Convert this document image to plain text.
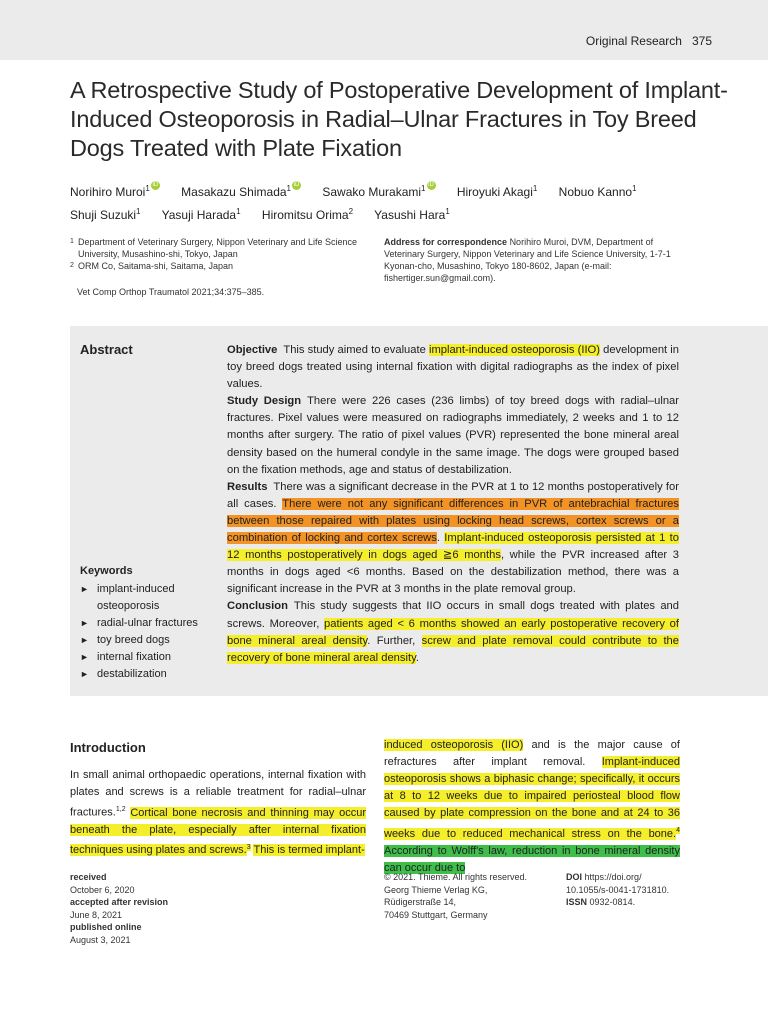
Original Research 375
A Retrospective Study of Postoperative Development of Implant-Induced Osteoporosis in Radial–Ulnar Fractures in Toy Breed Dogs Treated with Plate Fixation
Norihiro Muroi$^1$ iD Masakazu Shimada$^1$ iD Sawako Murakami$^1$ iD Hiroyuki Akagi$^1$ Nobuo Kanno$^1$
Shuji Suzuki$^1$ Yasuji Harada$^1$ Hiromitsu Orima$^2$ Yasushi Hara$^1$
1 Department of Veterinary Surgery, Nippon Veterinary and Life Science University, Musashino-shi, Tokyo, Japan
2 ORM Co, Saitama-shi, Saitama, Japan
Address for correspondence Norihiro Muroi, DVM, Department of Veterinary Surgery, Nippon Veterinary and Life Science University, 1-7-1 Kyonan-cho, Musashino, Tokyo 180-8602, Japan (e-mail: fishertiger.sun@gmail.com).
Vet Comp Orthop Traumatol 2021;34:375–385.
Abstract	Objective This study aimed to evaluate implant-induced osteoporosis (IIO) development in toy breed dogs treated using internal fixation with digital radiographs as the index of pixel values.

Study Design There were 226 cases (236 limbs) of toy breed dogs with radial–ulnar fractures. Pixel values were measured on radiographs immediately, 2 weeks and 1 to 12 months after surgery. The ratio of pixel values (PVR) represented the bone mineral areal density based on the humeral condyle in the same image. The dogs were grouped based on the fixation methods, age and status of destabilization.

Results There was a significant decrease in the PVR at 1 to 12 months postoperatively for all cases. There were not any significant differences in PVR of antebrachial fractures between those repaired with plates using locking head screws, cortex screws or a combination of locking and cortex screws. Implant-induced osteoporosis persisted at 1 to 12 months postoperatively in dogs aged ≧6 months, while the PVR increased after 3 months in dogs aged <6 months. Based on the destabilization method, there was a significant increase in the PVR at 3 months in the plate removal group.

Conclusion This study suggests that IIO occurs in small dogs treated with plates and screws. Moreover, patients aged < 6 months showed an early postoperative recovery of bone mineral areal density. Further, screw and plate removal could contribute to the recovery of bone mineral areal density.

Keywords
► implant-induced osteoporosis
► radial-ulnar fractures
► toy breed dogs
► internal fixation
► destabilization
Introduction

In small animal orthopaedic operations, internal fixation with plates and screws is a reliable treatment for radial–ulnar fractures.$^{1,2}$ Cortical bone necrosis and thinning may occur beneath the plate, especially after internal fixation techniques using plates and screws.$^3$ This is termed implant-

induced osteoporosis (IIO) and is the major cause of refractures after implant removal. Implant-induced osteoporosis shows a biphasic change; specifically, it occurs at 8 to 12 weeks due to impaired periosteal blood flow caused by plate compression on the bone and at 24 to 36 weeks due to reduced mechanical stress on the bone.$^4$ According to Wolff's law, reduction in bone mineral density can occur due to

received
October 6, 2020
accepted after revision
June 8, 2021
published online
August 3, 2021
© 2021. Thieme. All rights reserved.
Georg Thieme Verlag KG,
Rüdigerstraße 14,
70469 Stuttgart, Germany
DOI https://doi.org/
10.1055/s-0041-1731810.
ISSN 0932-0814.
